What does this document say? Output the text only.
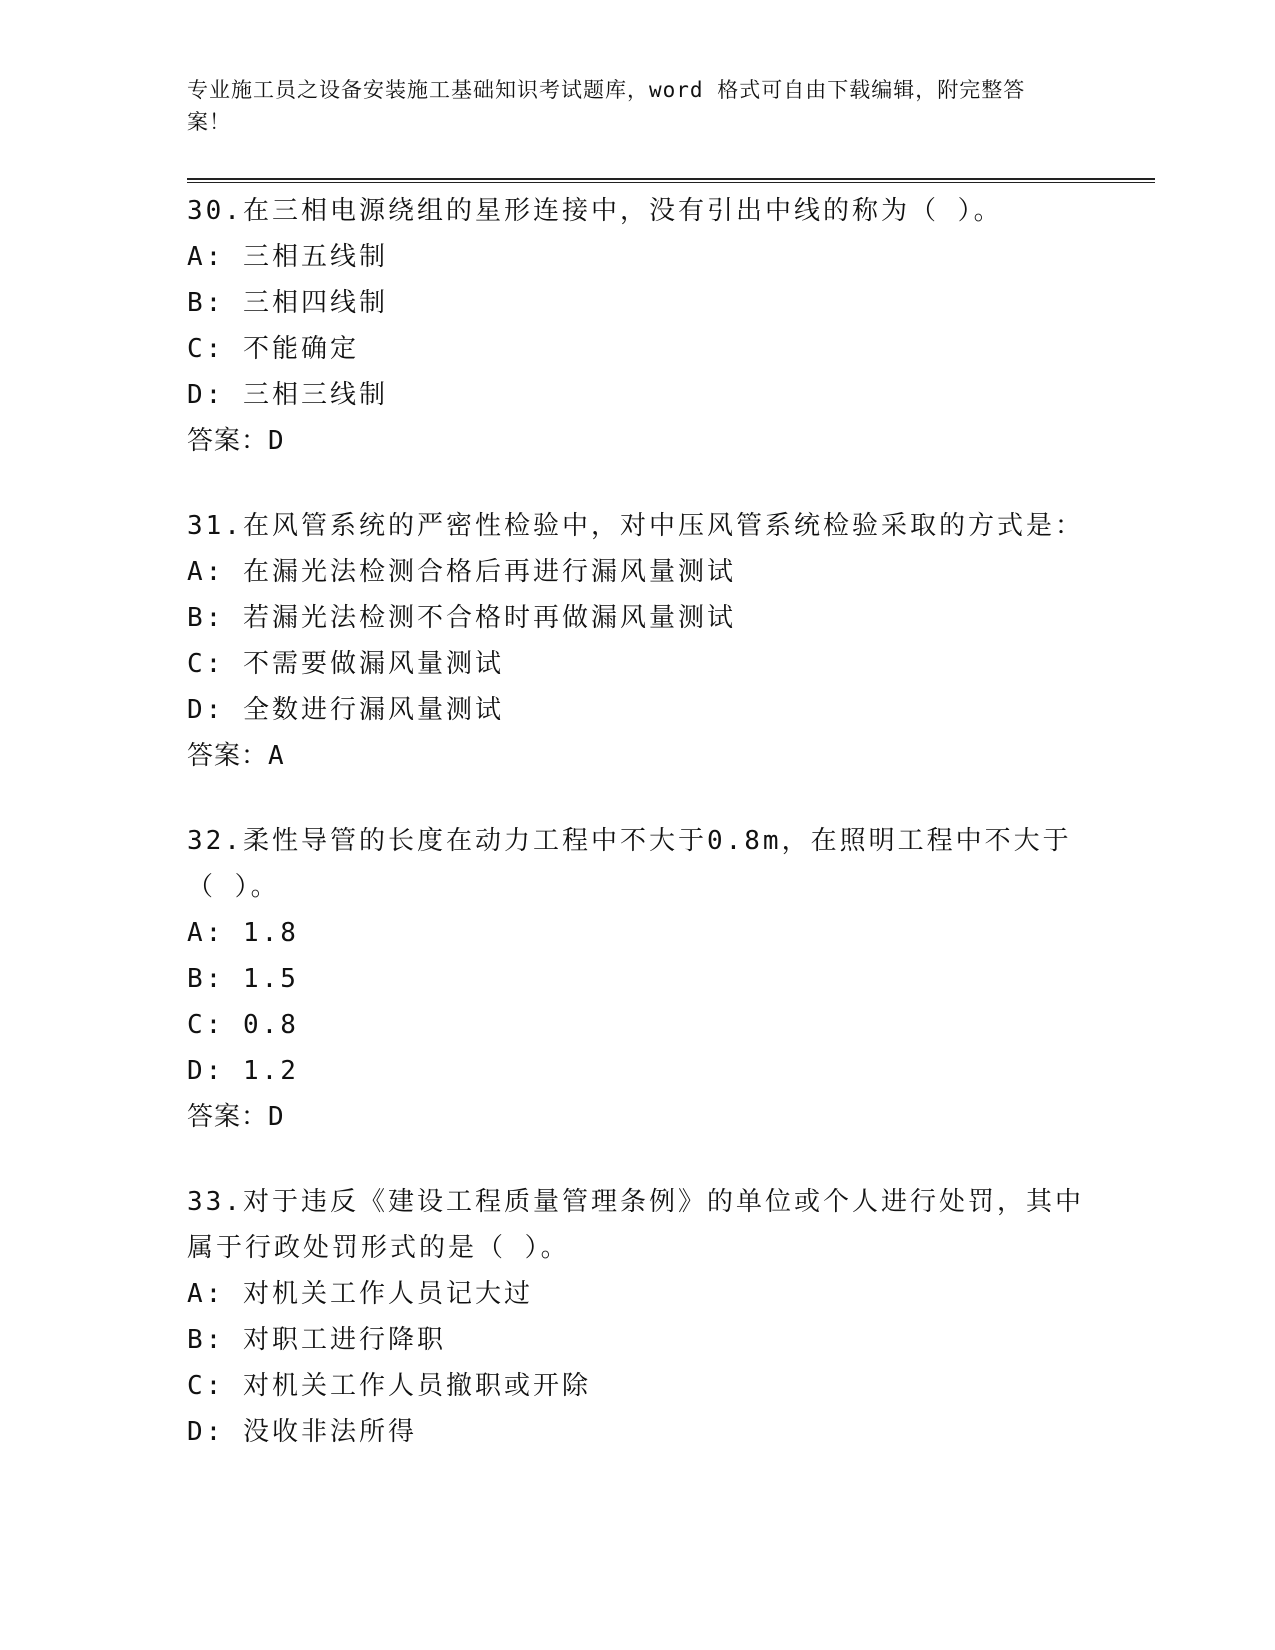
专业施工员之设备安装施工基础知识考试题库，word 格式可自由下载编辑，附完整答案！
30.在三相电源绕组的星形连接中，没有引出中线的称为（ ）。
A: 三相五线制
B: 三相四线制
C: 不能确定
D: 三相三线制
答案：D
31.在风管系统的严密性检验中，对中压风管系统检验采取的方式是：
A: 在漏光法检测合格后再进行漏风量测试
B: 若漏光法检测不合格时再做漏风量测试
C: 不需要做漏风量测试
D: 全数进行漏风量测试
答案：A
32.柔性导管的长度在动力工程中不大于0.8m，在照明工程中不大于（ ）。
A: 1.8
B: 1.5
C: 0.8
D: 1.2
答案：D
33.对于违反《建设工程质量管理条例》的单位或个人进行处罚，其中属于行政处罚形式的是（ ）。
A: 对机关工作人员记大过
B: 对职工进行降职
C: 对机关工作人员撤职或开除
D: 没收非法所得
